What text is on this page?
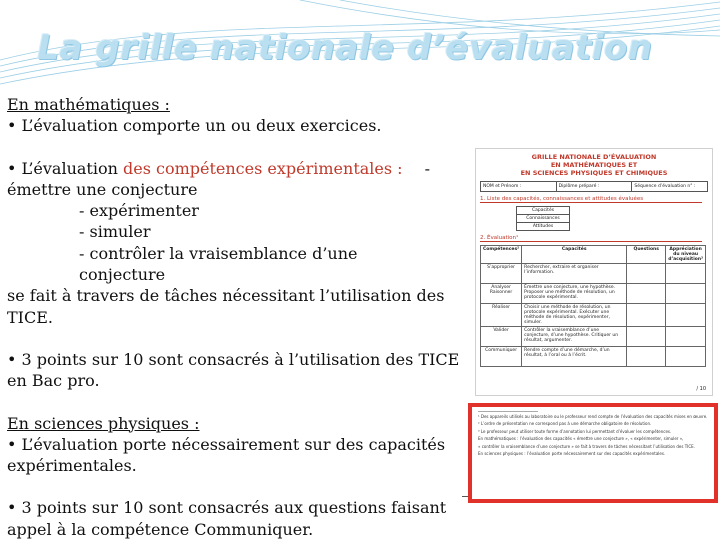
La grille nationale d’évaluation

En mathématiques :

• L’évaluation comporte un ou deux exercices.

• L’évaluation des compétences expérimentales : -

émettre une conjecture

- expérimenter

- simuler

- contrôler la vraisemblance d’une

conjecture

se fait à travers de tâches nécessitant l’utilisation des TICE.

• 3 points sur 10 sont consacrés à l’utilisation des TICE en Bac pro.

En sciences physiques :

• L’évaluation porte nécessairement sur des capacités expérimentales.

• 3 points sur 10 sont consacrés aux questions faisant appel à la compétence Communiquer.

GRILLE NATIONALE D’ÉVALUATION
EN MATHÉMATIQUES ET
EN SCIENCES PHYSIQUES ET CHIMIQUES
NOM et Prénom :	Diplôme préparé :	Séquence d’évaluation n° :
1. Liste des capacités, connaissances et attitudes évaluées
Capacités
Connaissances
Attitudes
2. Évaluation¹
Compétences²	Capacités	Questions	Appréciation du niveau d’acquisition³
S’approprier	Rechercher, extraire et organiser l’information.		
Analyser Raisonner	Émettre une conjecture, une hypothèse. Proposer une méthode de résolution, un protocole expérimental.		
Réaliser	Choisir une méthode de résolution, un protocole expérimental. Exécuter une méthode de résolution, expérimenter, simuler.		
Valider	Contrôler la vraisemblance d’une conjecture, d’une hypothèse. Critiquer un résultat, argumenter.		
Communiquer	Rendre compte d’une démarche, d’un résultat, à l’oral ou à l’écrit.		
/ 10
¹ Des appareils utilisés au laboratoire ou le professeur rend compte de l’évaluation des capacités mises en œuvre.
² L’ordre de présentation ne correspond pas à une démarche obligatoire de résolution.
³ Le professeur peut utiliser toute forme d’annotation lui permettant d’évaluer les compétences.
En mathématiques : l’évaluation des capacités « émettre une conjecture », « expérimenter, simuler »,
« contrôler la vraisemblance d’une conjecture » se fait à travers de tâches nécessitant l’utilisation des TICE.
En sciences physiques : l’évaluation porte nécessairement sur des capacités expérimentales.
